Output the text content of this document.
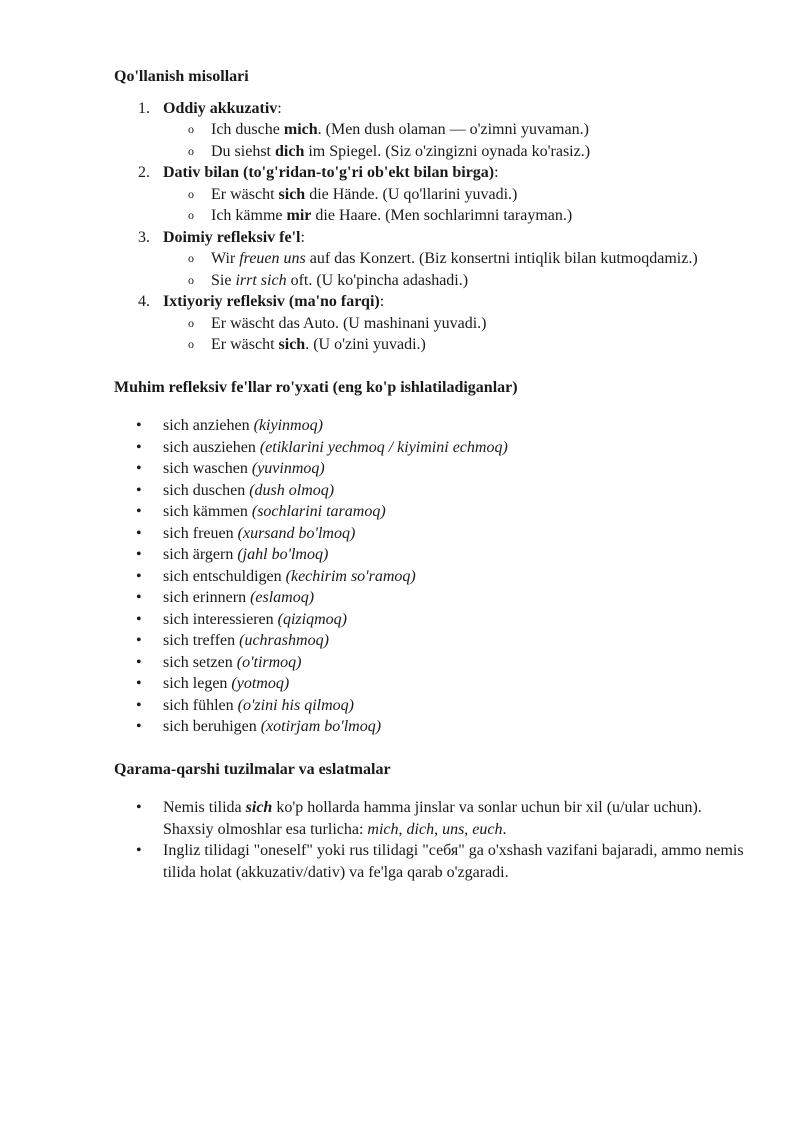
Qo'llanish misollari
1. Oddiy akkuzativ:
o Ich dusche mich. (Men dush olaman — o'zimni yuvaman.)
o Du siehst dich im Spiegel. (Siz o'zingizni oynada ko'rasiz.)
2. Dativ bilan (to'g'ridan-to'g'ri ob'ekt bilan birga):
o Er wäscht sich die Hände. (U qo'llarini yuvadi.)
o Ich kämme mir die Haare. (Men sochlarimni tarayman.)
3. Doimiy refleksiv fe'l:
o Wir freuen uns auf das Konzert. (Biz konsertni intiqlik bilan kutmoqdamiz.)
o Sie irrt sich oft. (U ko'pincha adashadi.)
4. Ixtiyoriy refleksiv (ma'no farqi):
o Er wäscht das Auto. (U mashinani yuvadi.)
o Er wäscht sich. (U o'zini yuvadi.)
Muhim refleksiv fe'llar ro'yxati (eng ko'p ishlatiladiganlar)
• sich anziehen (kiyinmoq)
• sich ausziehen (etiklarini yechmoq / kiyimini echmoq)
• sich waschen (yuvinmoq)
• sich duschen (dush olmoq)
• sich kämmen (sochlarini taramoq)
• sich freuen (xursand bo'lmoq)
• sich ärgern (jahl bo'lmoq)
• sich entschuldigen (kechirim so'ramoq)
• sich erinnern (eslamoq)
• sich interessieren (qiziqmoq)
• sich treffen (uchrashmoq)
• sich setzen (o'tirmoq)
• sich legen (yotmoq)
• sich fühlen (o'zini his qilmoq)
• sich beruhigen (xotirjam bo'lmoq)
Qarama-qarshi tuzilmalar va eslatmalar
• Nemis tilida sich ko'p hollarda hamma jinslar va sonlar uchun bir xil (u/ular uchun). Shaxsiy olmoshlar esa turlicha: mich, dich, uns, euch.
• Ingliz tilidagi "oneself" yoki rus tilidagi "себя" ga o'xshash vazifani bajaradi, ammo nemis tilida holat (akkuzativ/dativ) va fe'lga qarab o'zgaradi.
